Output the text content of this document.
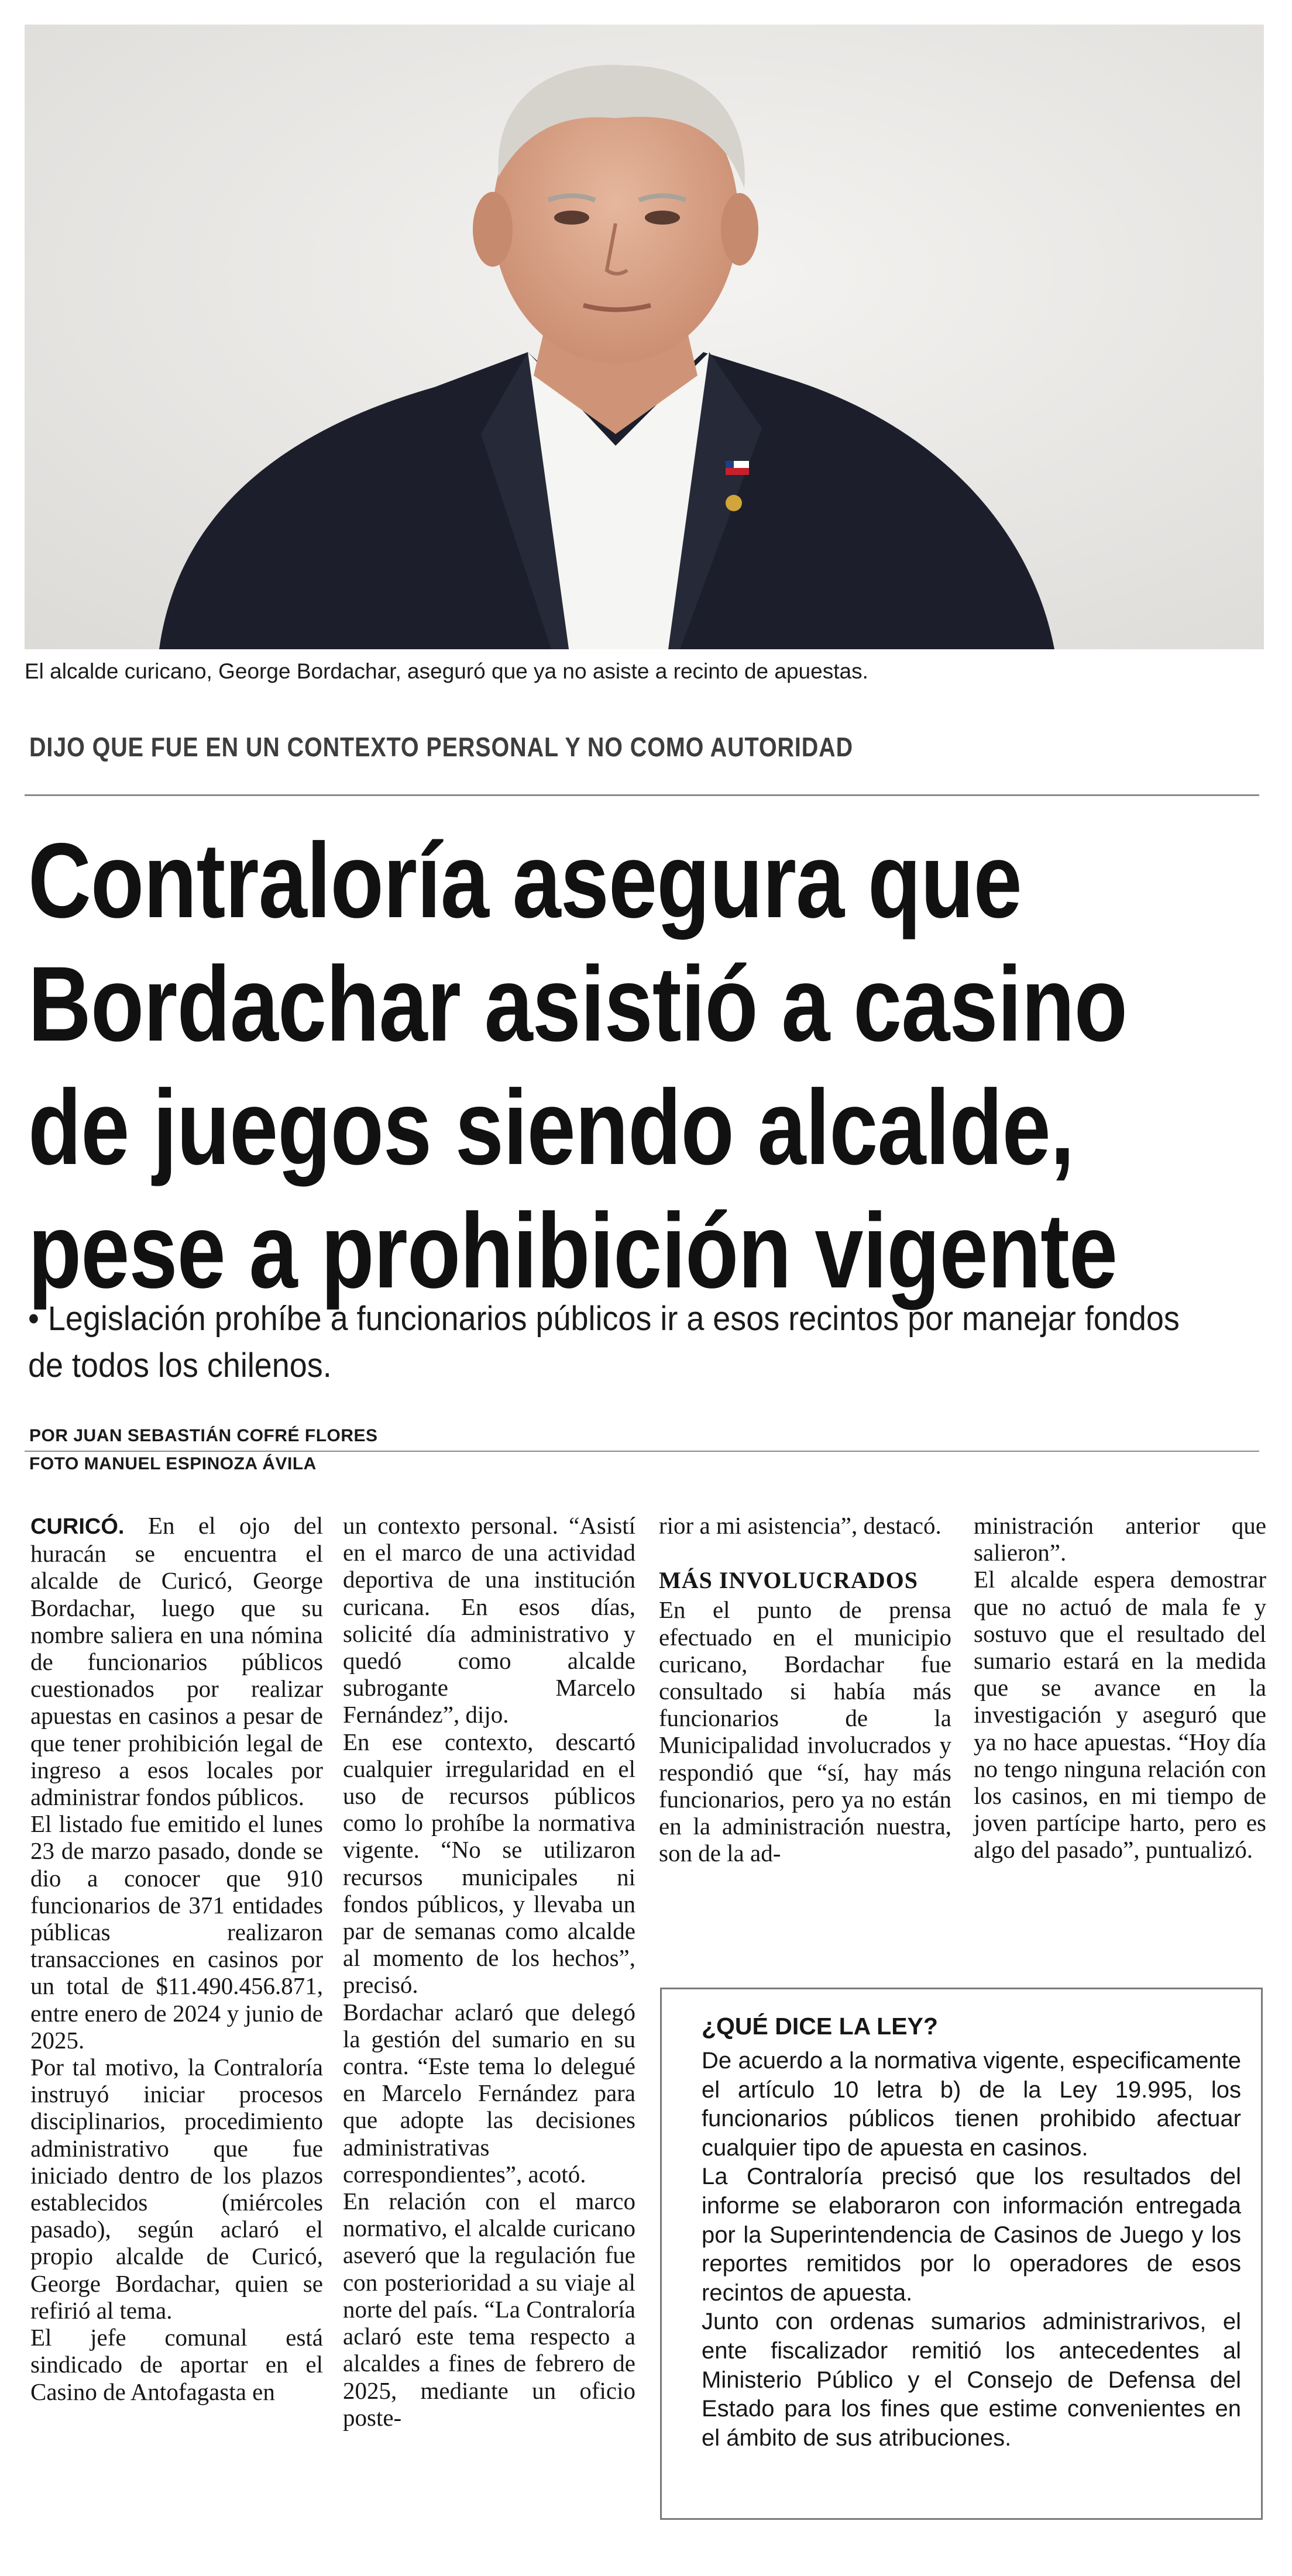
El alcalde curicano, George Bordachar, aseguró que ya no asiste a recinto de apuestas.
DIJO QUE FUE EN UN CONTEXTO PERSONAL Y NO COMO AUTORIDAD
Contraloría asegura que
Bordachar asistió a casino
de juegos siendo alcalde,
pese a prohibición vigente
• Legislación prohíbe a funcionarios públicos ir a esos recintos por manejar fondos de todos los chilenos.
POR JUAN SEBASTIÁN COFRÉ FLORES
FOTO MANUEL ESPINOZA ÁVILA

CURICÓ. En el ojo del huracán se encuentra el alcalde de Curicó, George Bordachar, luego que su nombre saliera en una nómina de funcionarios públicos cuestionados por realizar apuestas en casinos a pesar de que tener prohibición legal de ingreso a esos locales por administrar fondos públicos.

El listado fue emitido el lunes 23 de marzo pasado, donde se dio a conocer que 910 funcionarios de 371 entidades públicas realizaron transacciones en casinos por un total de $11.490.456.871, entre enero de 2024 y junio de 2025.

Por tal motivo, la Contraloría instruyó iniciar procesos disciplinarios, procedimiento administrativo que fue iniciado dentro de los plazos establecidos (miércoles pasado), según aclaró el propio alcalde de Curicó, George Bordachar, quien se refirió al tema.

El jefe comunal está sindicado de aportar en el Casino de Antofagasta en

un contexto personal. “Asistí en el marco de una actividad deportiva de una institución curicana. En esos días, solicité día administrativo y quedó como alcalde subrogante Marcelo Fernández”, dijo.

En ese contexto, descartó cualquier irregularidad en el uso de recursos públicos como lo prohíbe la normativa vigente. “No se utilizaron recursos municipales ni fondos públicos, y llevaba un par de semanas como alcalde al momento de los hechos”, precisó.

Bordachar aclaró que delegó la gestión del sumario en su contra. “Este tema lo delegué en Marcelo Fernández para que adopte las decisiones administrativas correspondientes”, acotó.

En relación con el marco normativo, el alcalde curicano aseveró que la regulación fue con posterioridad a su viaje al norte del país. “La Contraloría aclaró este tema respecto a alcaldes a fines de febrero de 2025, mediante un oficio poste-

rior a mi asistencia”, destacó.

MÁS INVOLUCRADOS

En el punto de prensa efectuado en el municipio curicano, Bordachar fue consultado si había más funcionarios de la Municipalidad involucrados y respondió que “sí, hay más funcionarios, pero ya no están en la administración nuestra, son de la ad-

ministración anterior que salieron”.

El alcalde espera demostrar que no actuó de mala fe y sostuvo que el resultado del sumario estará en la medida que se avance en la investigación y aseguró que ya no hace apuestas. “Hoy día no tengo ninguna relación con los casinos, en mi tiempo de joven partícipe harto, pero es algo del pasado”, puntualizó.

¿QUÉ DICE LA LEY?

De acuerdo a la normativa vigente, especificamente el artículo 10 letra b) de la Ley 19.995, los funcionarios públicos tienen prohibido afectuar cualquier tipo de apuesta en casinos.

La Contraloría precisó que los resultados del informe se elaboraron con información entregada por la Superintendencia de Casinos de Juego y los reportes remitidos por lo operadores de esos recintos de apuesta.

Junto con ordenas sumarios administrarivos, el ente fiscalizador remitió los antecedentes al Ministerio Público y el Consejo de Defensa del Estado para los fines que estime convenientes en el ámbito de sus atribuciones.
